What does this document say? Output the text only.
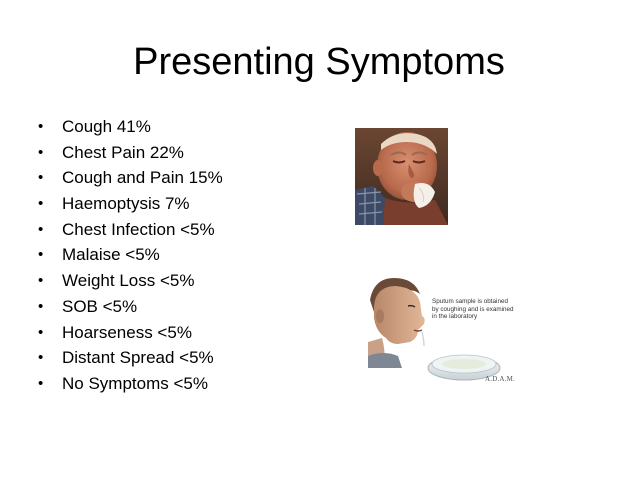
Presenting Symptoms
• Cough 41%
• Chest Pain 22%
• Cough and Pain 15%
• Haemoptysis 7%
• Chest Infection <5%
• Malaise <5%
• Weight Loss <5%
• SOB <5%
• Hoarseness <5%
• Distant Spread <5%
• No Symptoms <5%
Sputum sample is obtained
by coughing and is examined
in the laboratory
A.D.A.M.
